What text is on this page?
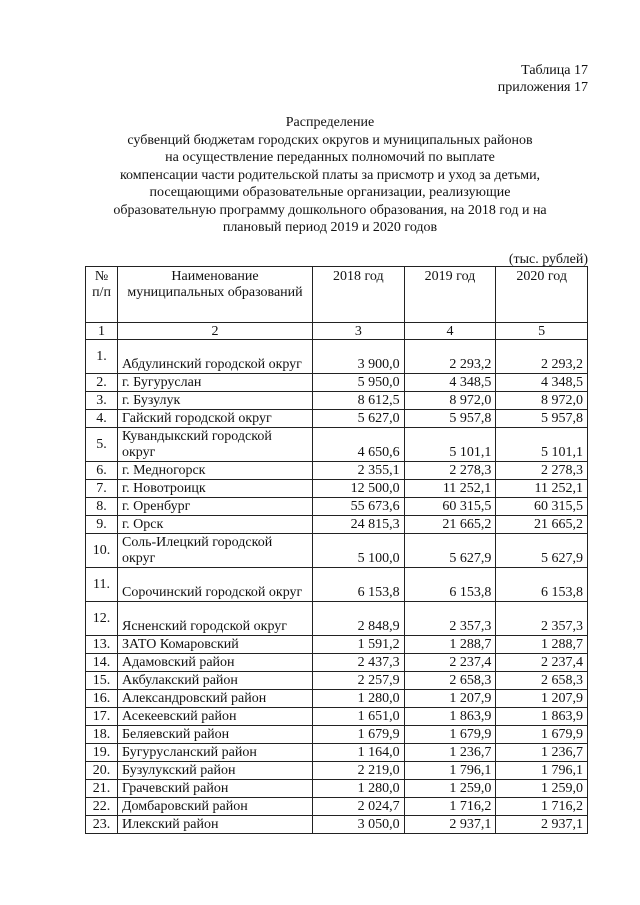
Таблица 17
приложения 17
Распределение
субвенций бюджетам городских округов и муниципальных районов
на осуществление переданных полномочий по выплате
компенсации части родительской платы за присмотр и уход за детьми,
посещающими образовательные организации, реализующие
образовательную программу дошкольного образования, на 2018 год и на
плановый период 2019 и 2020 годов
(тыс. рублей)
№ п/п	Наименование муниципальных образований	2018 год	2019 год	2020 год
1	2	3	4	5
1.	Абдулинский городской округ	3 900,0	2 293,2	2 293,2
2.	г. Бугуруслан	5 950,0	4 348,5	4 348,5
3.	г. Бузулук	8 612,5	8 972,0	8 972,0
4.	Гайский городской округ	5 627,0	5 957,8	5 957,8
5.	Кувандыкский городской округ	4 650,6	5 101,1	5 101,1
6.	г. Медногорск	2 355,1	2 278,3	2 278,3
7.	г. Новотроицк	12 500,0	11 252,1	11 252,1
8.	г. Оренбург	55 673,6	60 315,5	60 315,5
9.	г. Орск	24 815,3	21 665,2	21 665,2
10.	Соль-Илецкий городской округ	5 100,0	5 627,9	5 627,9
11.	Сорочинский городской округ	6 153,8	6 153,8	6 153,8
12.	Ясненский городской округ	2 848,9	2 357,3	2 357,3
13.	ЗАТО Комаровский	1 591,2	1 288,7	1 288,7
14.	Адамовский район	2 437,3	2 237,4	2 237,4
15.	Акбулакский район	2 257,9	2 658,3	2 658,3
16.	Александровский район	1 280,0	1 207,9	1 207,9
17.	Асекеевский район	1 651,0	1 863,9	1 863,9
18.	Беляевский район	1 679,9	1 679,9	1 679,9
19.	Бугурусланский район	1 164,0	1 236,7	1 236,7
20.	Бузулукский район	2 219,0	1 796,1	1 796,1
21.	Грачевский район	1 280,0	1 259,0	1 259,0
22.	Домбаровский район	2 024,7	1 716,2	1 716,2
23.	Илекский район	3 050,0	2 937,1	2 937,1
